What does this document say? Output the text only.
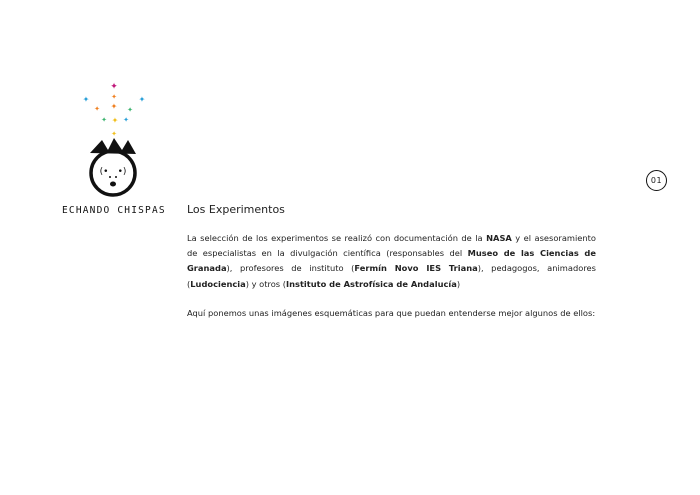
✦
✦	✦	✦
✦ ✦ ✦
✦ ✦ ✦
✦
(• •)
ECHANDO CHISPAS
01
Los Experimentos
La selección de los experimentos se realizó con documentación de la NASA y el asesoramiento de especialistas en la divulgación científica (responsables del Museo de las Ciencias de Granada), profesores de instituto (Fermín Novo IES Triana), pedagogos, animadores (Ludociencia) y otros (Instituto de Astrofísica de Andalucía)
Aquí ponemos unas imágenes esquemáticas para que puedan entenderse mejor algunos de ellos:
